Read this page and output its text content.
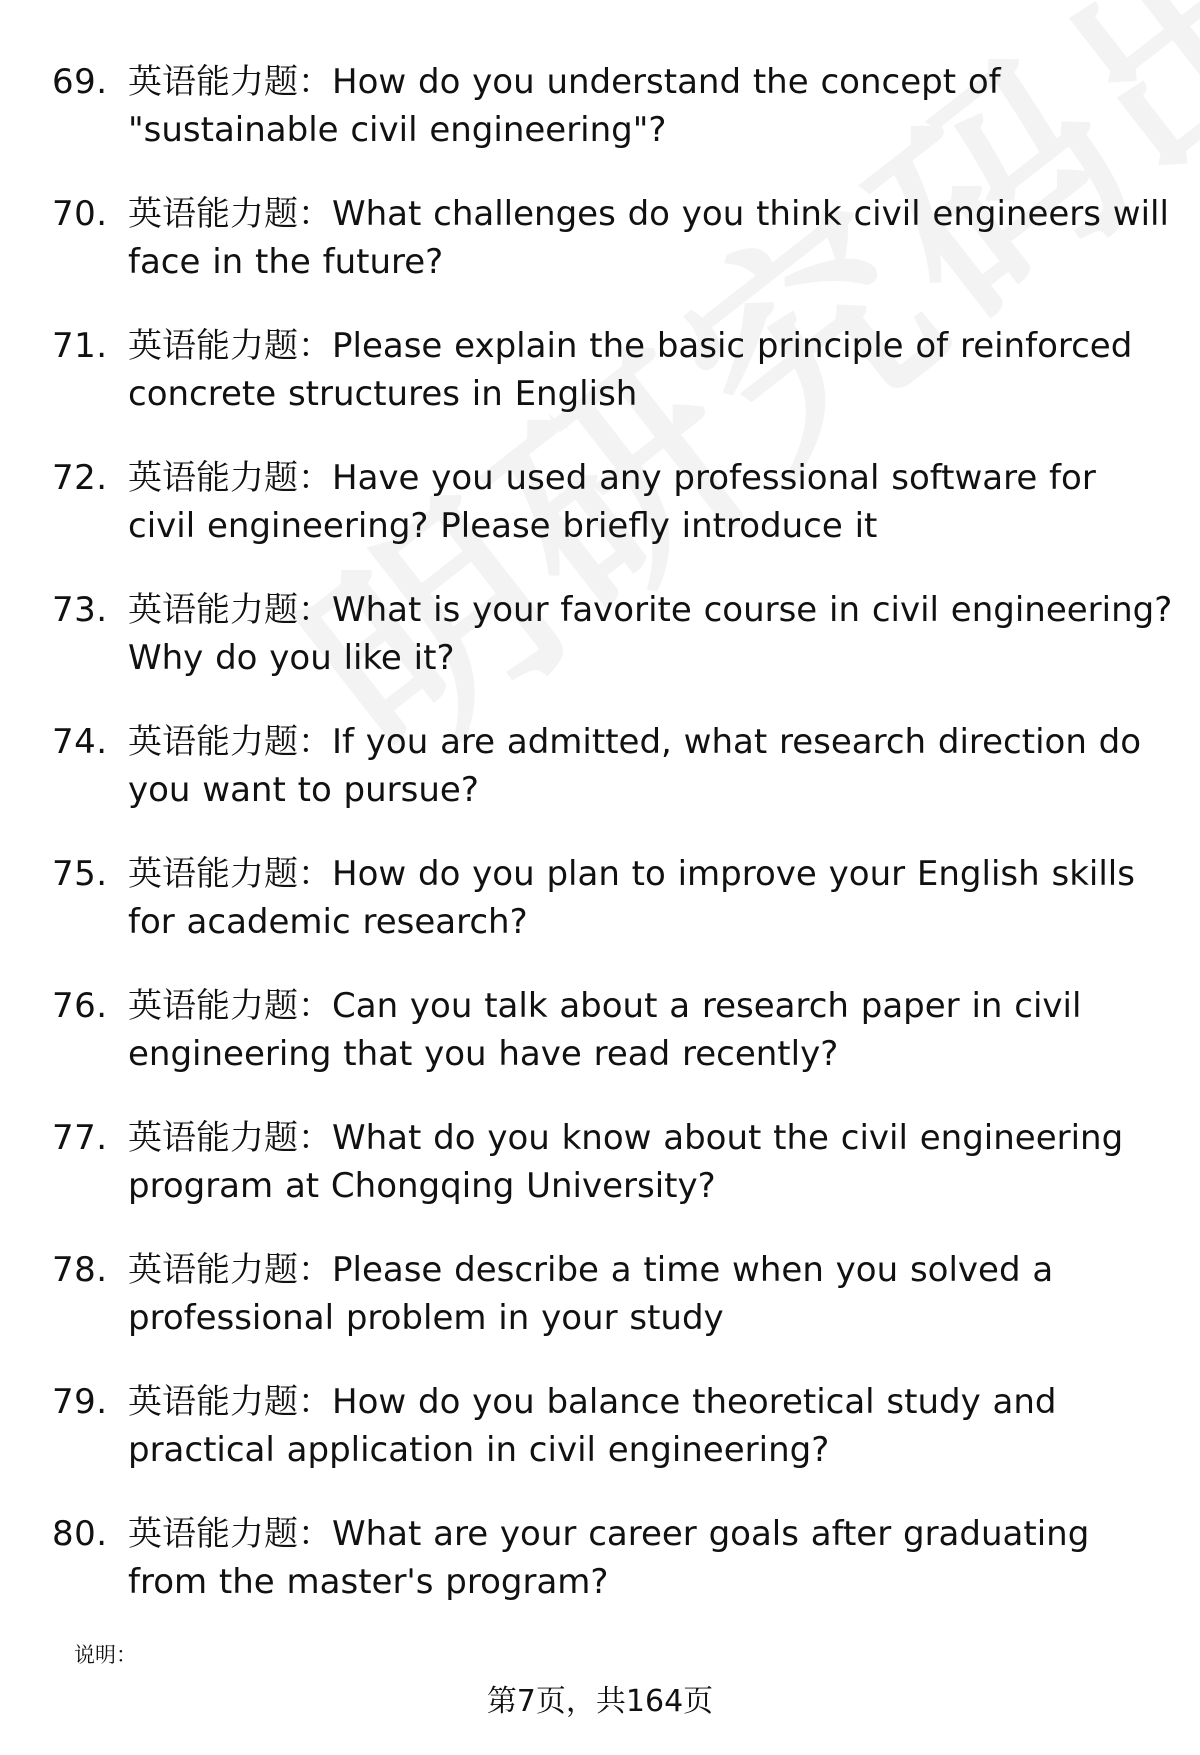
69. 英语能力题：How do you understand the concept of "sustainable civil engineering"?
70. 英语能力题：What challenges do you think civil engineers will face in the future?
71. 英语能力题：Please explain the basic principle of reinforced concrete structures in English
72. 英语能力题：Have you used any professional software for civil engineering? Please briefly introduce it
73. 英语能力题：What is your favorite course in civil engineering? Why do you like it?
74. 英语能力题：If you are admitted, what research direction do you want to pursue?
75. 英语能力题：How do you plan to improve your English skills for academic research?
76. 英语能力题：Can you talk about a research paper in civil engineering that you have read recently?
77. 英语能力题：What do you know about the civil engineering program at Chongqing University?
78. 英语能力题：Please describe a time when you solved a professional problem in your study
79. 英语能力题：How do you balance theoretical study and practical application in civil engineering?
80. 英语能力题：What are your career goals after graduating from the master's program?
说明：
第7页，共164页
